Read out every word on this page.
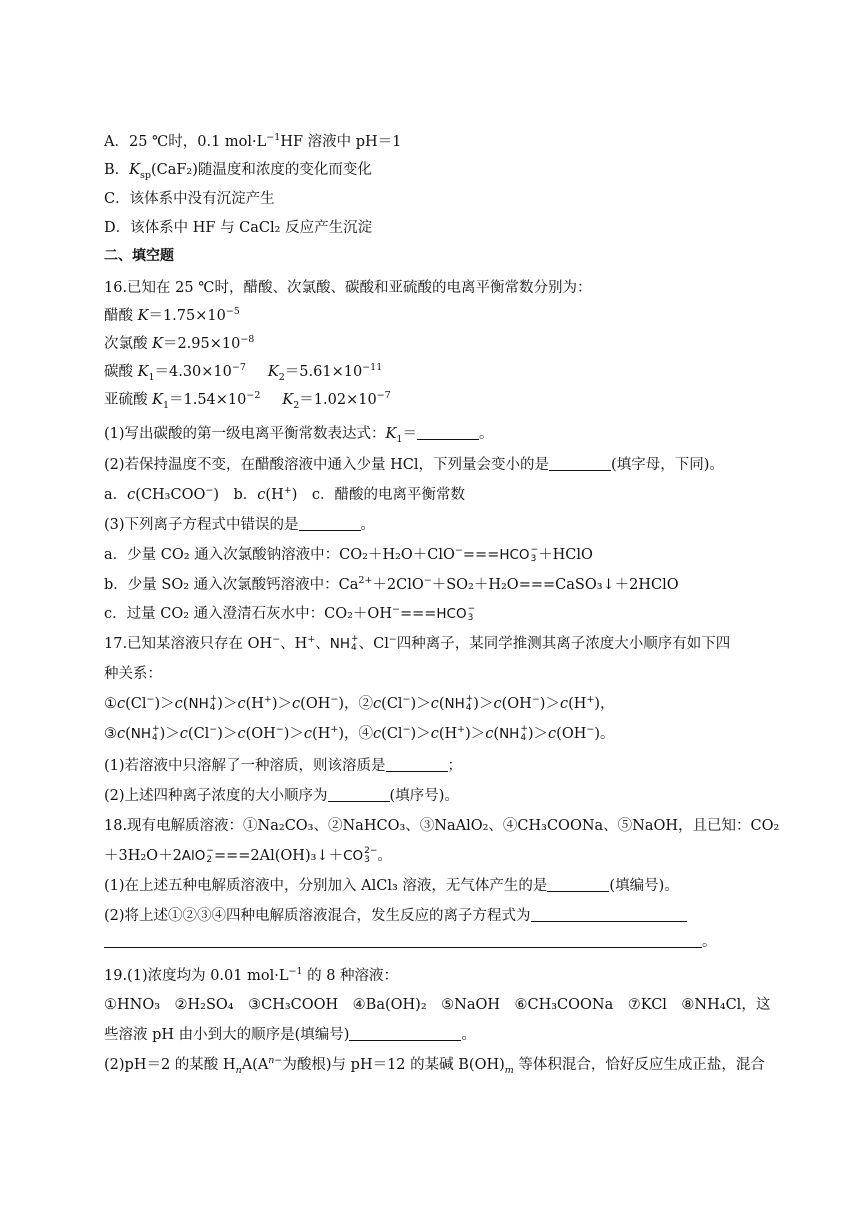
A．25 ℃时，0.1 $mol\cdot L^{-1}HF$ 溶液中 pH＝1
B．$K_{sp}(CaF_2)$随温度和浓度的变化而变化
C．该体系中没有沉淀产生
D．该体系中 HF 与 CaCl₂ 反应产生沉淀
二、填空题
16.已知在 25 ℃时，醋酸、次氯酸、碳酸和亚硫酸的电离平衡常数分别为：
醋酸 $K=1.75\times 10^{-5}$
次氯酸 $K=2.95\times 10^{-8}$
碳酸 $K_1=4.30\times 10^{-7}$ $K_2=5.61\times 10^{-11}$
亚硫酸 $K_1=1.54\times 10^{-2}$ $K_2=1.02\times 10^{-7}$
(1)写出碳酸的第一级电离平衡常数表达式：$K_1=$	。
(2)若保持温度不变，在醋酸溶液中通入少量 HCl，下列量会变小的是	(填字母，下同)。
a．c(CH₃COO−)　b．c(H+)　c．醋酸的电离平衡常数
(3)下列离子方程式中错误的是	。
a．少量 CO₂ 通入次氯酸钠溶液中：CO₂＋H₂O＋ClO−===HCO −
3 ＋HClO
b．少量 SO₂ 通入次氯酸钙溶液中：$Ca^{2+}+2ClO^-+SO_2+H_2O===CaSO_3↓+2HClO$
c．过量 CO₂ 通入澄清石灰水中：CO₂＋OH−===HCO −
3
17.已知某溶液只存在 OH−、H+、NH +
4 、Cl−四种离子，某同学推测其离子浓度大小顺序有如下四
种关系：
①c(Cl−)＞c(NH +
4 )＞c(H+)＞c(OH−)，②c(Cl−)＞c(NH +
4 )＞c(OH−)＞c(H+)，
③c(NH +
4 )＞c(Cl−)＞c(OH−)＞c(H+)，④c(Cl−)＞c(H+)＞c(NH +
4 )＞c(OH−)。
(1)若溶液中只溶解了一种溶质，则该溶质是	；
(2)上述四种离子浓度的大小顺序为	(填序号)。
18.现有电解质溶液：①Na₂CO₃、②NaHCO₃、③NaAlO₂、④CH₃COONa、⑤NaOH，且已知：CO₂
＋3H₂O＋2AlO −
2 ===2Al(OH)₃↓＋CO 2−
3 。
(1)在上述五种电解质溶液中，分别加入 AlCl₃ 溶液，无气体产生的是	(填编号)。
(2)将上述①②③④四种电解质溶液混合，发生反应的离子方程式为
。
19.(1)浓度均为 0.01 $mol\cdot L^{-1}$ 的 8 种溶液：
①HNO₃　②H₂SO₄　③CH₃COOH　④Ba(OH)₂　⑤NaOH　⑥CH₃COONa　⑦KCl　⑧NH₄Cl，这
些溶液 pH 由小到大的顺序是(填编号)	。
(2)pH＝2 的某酸 $H_nA(A^{n-}$为酸根)与 pH＝12 的某碱 $B(OH)_m$ 等体积混合，恰好反应生成正盐，混合
